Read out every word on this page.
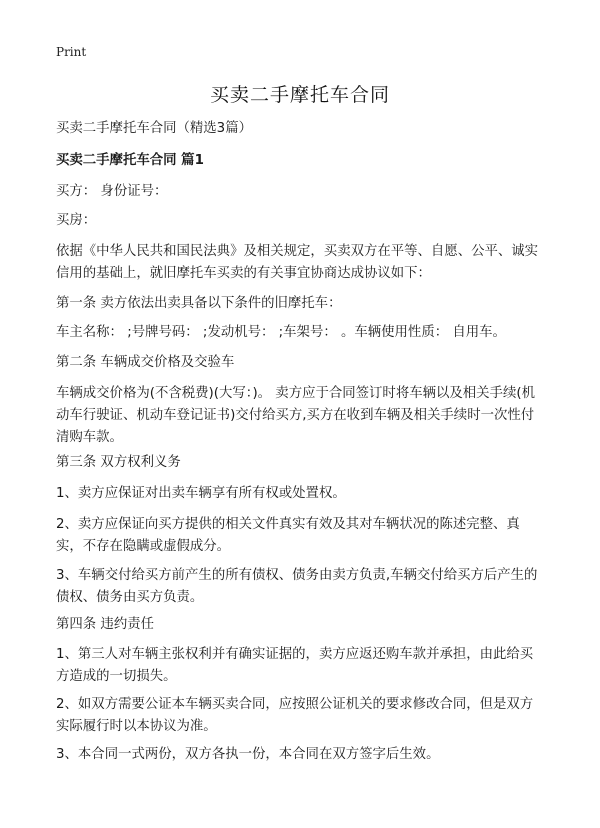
Print
买卖二手摩托车合同
买卖二手摩托车合同（精选3篇）
买卖二手摩托车合同 篇1
买方： 身份证号：
买房：
依据《中华人民共和国民法典》及相关规定，买卖双方在平等、自愿、公平、诚实信用的基础上，就旧摩托车买卖的有关事宜协商达成协议如下：
第一条 卖方依法出卖具备以下条件的旧摩托车：
车主名称： ;号牌号码： ;发动机号： ;车架号： 。车辆使用性质： 自用车。
第二条 车辆成交价格及交验车
车辆成交价格为(不含税费)(大写：)。 卖方应于合同签订时将车辆以及相关手续(机动车行驶证、机动车登记证书)交付给买方,买方在收到车辆及相关手续时一次性付清购车款。
第三条 双方权利义务
1、卖方应保证对出卖车辆享有所有权或处置权。
2、卖方应保证向买方提供的相关文件真实有效及其对车辆状况的陈述完整、真实，不存在隐瞒或虚假成分。
3、车辆交付给买方前产生的所有债权、债务由卖方负责,车辆交付给买方后产生的债权、债务由买方负责。
第四条 违约责任
1、第三人对车辆主张权利并有确实证据的，卖方应返还购车款并承担，由此给买方造成的一切损失。
2、如双方需要公证本车辆买卖合同，应按照公证机关的要求修改合同，但是双方实际履行时以本协议为准。
3、本合同一式两份，双方各执一份，本合同在双方签字后生效。
